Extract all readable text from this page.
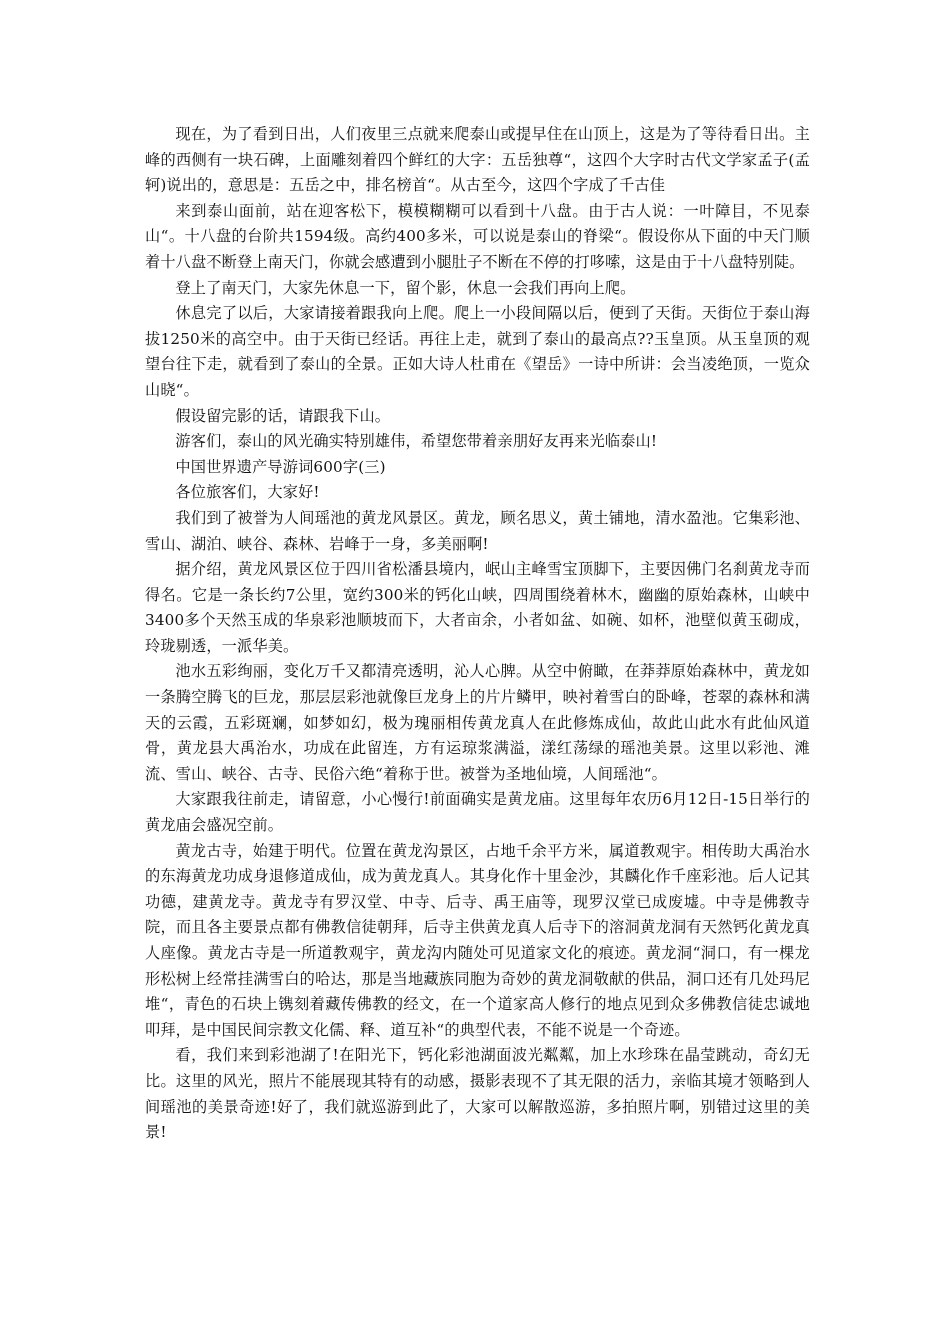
现在，为了看到日出，人们夜里三点就来爬泰山或提早住在山顶上，这是为了等待看日出。主峰的西侧有一块石碑，上面雕刻着四个鲜红的大字：五岳独尊“，这四个大字时古代文学家孟子(孟轲)说出的，意思是：五岳之中，排名榜首“。从古至今，这四个字成了千古佳

来到泰山面前，站在迎客松下，模模糊糊可以看到十八盘。由于古人说：一叶障目，不见泰山“。十八盘的台阶共1594级。高约400多米，可以说是泰山的脊梁“。假设你从下面的中天门顺着十八盘不断登上南天门，你就会感遭到小腿肚子不断在不停的打哆嗦，这是由于十八盘特别陡。

登上了南天门，大家先休息一下，留个影，休息一会我们再向上爬。

休息完了以后，大家请接着跟我向上爬。爬上一小段间隔以后，便到了天街。天街位于泰山海拔1250米的高空中。由于天街已经话。再往上走，就到了泰山的最高点??玉皇顶。从玉皇顶的观望台往下走，就看到了泰山的全景。正如大诗人杜甫在《望岳》一诗中所讲：会当凌绝顶，一览众山晓“。

假设留完影的话，请跟我下山。

游客们，泰山的风光确实特别雄伟，希望您带着亲朋好友再来光临泰山!

中国世界遗产导游词600字(三)

各位旅客们，大家好!

我们到了被誉为人间瑶池的黄龙风景区。黄龙，顾名思义，黄土铺地，清水盈池。它集彩池、雪山、湖泊、峡谷、森林、岩峰于一身，多美丽啊!

据介绍，黄龙风景区位于四川省松潘县境内，岷山主峰雪宝顶脚下，主要因佛门名刹黄龙寺而得名。它是一条长约7公里，宽约300米的钙化山峡，四周围绕着林木，幽幽的原始森林，山峡中3400多个天然玉成的华泉彩池顺坡而下，大者亩余，小者如盆、如碗、如杯，池壁似黄玉砌成，玲珑剔透，一派华美。

池水五彩绚丽，变化万千又都清亮透明，沁人心脾。从空中俯瞰，在莽莽原始森林中，黄龙如一条腾空腾飞的巨龙，那层层彩池就像巨龙身上的片片鳞甲，映衬着雪白的卧峰，苍翠的森林和满天的云霞，五彩斑斓，如梦如幻，极为瑰丽相传黄龙真人在此修炼成仙，故此山此水有此仙风道骨，黄龙县大禹治水，功成在此留连，方有运琼浆满溢，漾红荡绿的瑶池美景。这里以彩池、滩流、雪山、峡谷、古寺、民俗六绝“着称于世。被誉为圣地仙境，人间瑶池“。

大家跟我往前走，请留意，小心慢行!前面确实是黄龙庙。这里每年农历6月12日-15日举行的黄龙庙会盛况空前。

黄龙古寺，始建于明代。位置在黄龙沟景区，占地千余平方米，属道教观宇。相传助大禹治水的东海黄龙功成身退修道成仙，成为黄龙真人。其身化作十里金沙，其麟化作千座彩池。后人记其功德，建黄龙寺。黄龙寺有罗汉堂、中寺、后寺、禹王庙等，现罗汉堂已成废墟。中寺是佛教寺院，而且各主要景点都有佛教信徒朝拜，后寺主供黄龙真人后寺下的溶洞黄龙洞有天然钙化黄龙真人座像。黄龙古寺是一所道教观宇，黄龙沟内随处可见道家文化的痕迹。黄龙洞“洞口，有一棵龙形松树上经常挂满雪白的哈达，那是当地藏族同胞为奇妙的黄龙洞敬献的供品，洞口还有几处玛尼堆“，青色的石块上镌刻着藏传佛教的经文，在一个道家高人修行的地点见到众多佛教信徒忠诚地叩拜，是中国民间宗教文化儒、释、道互补“的典型代表，不能不说是一个奇迹。

看，我们来到彩池湖了!在阳光下，钙化彩池湖面波光粼粼，加上水珍珠在晶莹跳动，奇幻无比。这里的风光，照片不能展现其特有的动感，摄影表现不了其无限的活力，亲临其境才领略到人间瑶池的美景奇迹!好了，我们就巡游到此了，大家可以解散巡游，多拍照片啊，别错过这里的美景!
